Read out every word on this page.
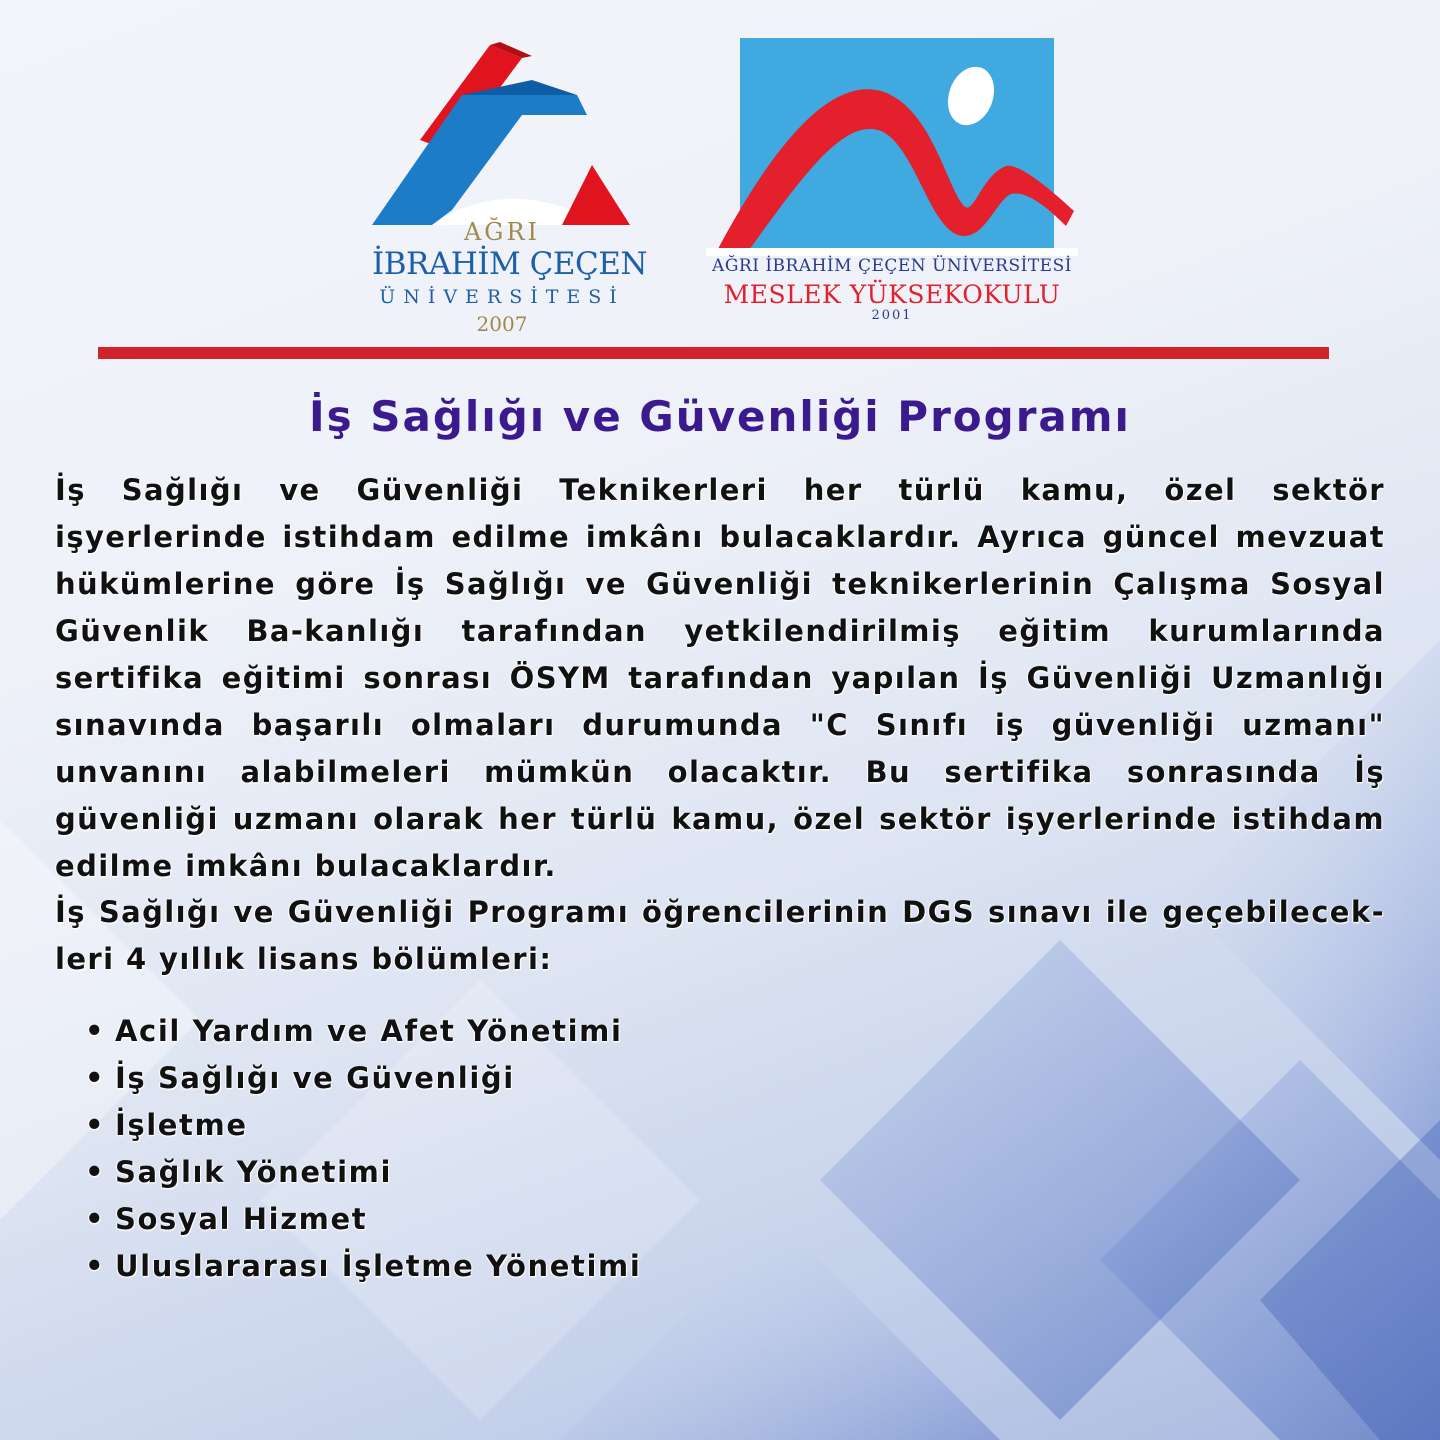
AĞRI
İBRAHİM ÇEÇEN
ÜNİVERSİTESİ
2007
AĞRI İBRAHİM ÇEÇEN ÜNİVERSİTESİ
MESLEK YÜKSEKOKULU
2001
İş Sağlığı ve Güvenliği Programı

İş Sağlığı ve Güvenliği Teknikerleri her türlü kamu, özel sektör işyerlerinde istihdam edilme imkânı bulacaklardır. Ayrıca güncel mevzuat hükümlerine göre İş Sağlığı ve Güvenliği teknikerlerinin Çalışma Sosyal Güvenlik Ba-kanlığı tarafından yetkilendirilmiş eğitim kurumlarında sertifika eğitimi sonrası ÖSYM tarafından yapılan İş Güvenliği Uzmanlığı sınavında başarılı olmaları durumunda "C Sınıfı iş güvenliği uzmanı" unvanını alabilmeleri mümkün olacaktır. Bu sertifika sonrasında İş güvenliği uzmanı olarak her türlü kamu, özel sektör işyerlerinde istihdam edilme imkânı bulacaklardır.

İş Sağlığı ve Güvenliği Programı öğrencilerinin DGS sınavı ile geçebilecek-leri 4 yıllık lisans bölümleri:

• Acil Yardım ve Afet Yönetimi
• İş Sağlığı ve Güvenliği
• İşletme
• Sağlık Yönetimi
• Sosyal Hizmet
• Uluslararası İşletme Yönetimi
